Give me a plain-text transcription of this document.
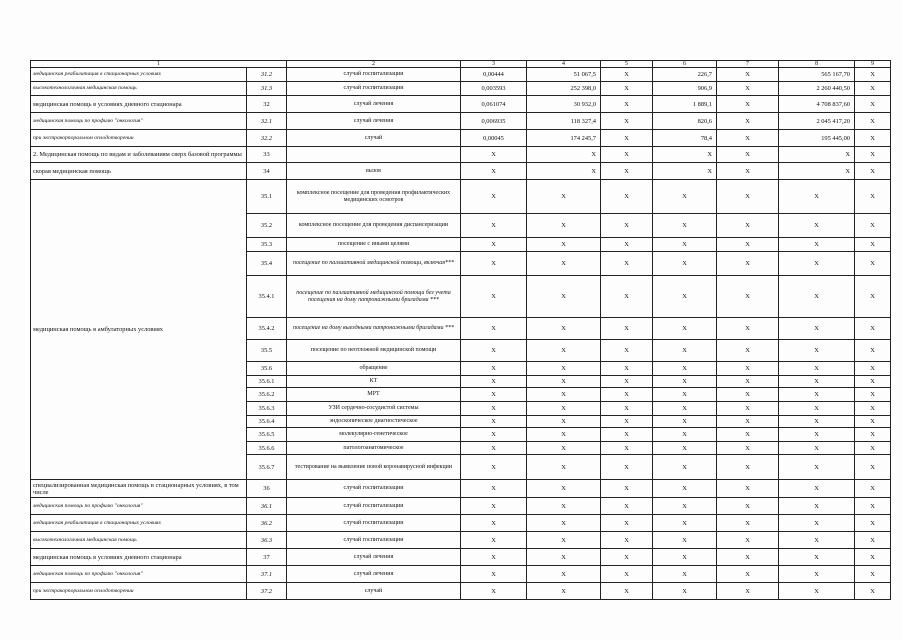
1		2	3	4	5	6	7	8	9
медицинская реабилитация в стационарных условиях	31.2	случай госпитализации	0,00444	51 067,5	X	226,7	X	565 167,70	X
высокотехнологичная медицинская помощь	31.3	случай госпитализации	0,003593	252 398,0	X	906,9	X	2 260 440,50	X
медицинская помощь в условиях дневного стационара	32	случай лечения	0,061074	30 932,0	X	1 889,1	X	4 708 837,60	X
медицинская помощь по профилю "онкология"	32.1	случай лечения	0,006935	118 327,4	X	820,6	X	2 045 417,20	X
при экстракорпоральном оплодотворении	32.2	случай	0,00045	174 245,7	X	78,4	X	195 445,00	X
2. Медицинская помощь по видам и заболеваниям сверх базовой программы	33		X	X	X	X	X	X	X
скорая медицинская помощь	34	вызов	X	X	X	X	X	X	X
медицинская помощь в амбулаторных условиях	35.1	комплексное посещение для проведения профилактических медицинских осмотров	X	X	X	X	X	X	X
	35.2	комплексное посещение для проведения диспансеризации	X	X	X	X	X	X	X
	35.3	посещение с иными целями	X	X	X	X	X	X	X
	35.4	посещение по паллиативной медицинской помощи, включая***	X	X	X	X	X	X	X
	35.4.1	посещение по паллиативной медицинской помощи без учета посещения на дому патронажными бригадами ***	X	X	X	X	X	X	X
	35.4.2	посещение на дому выездными патронажными бригадами ***	X	X	X	X	X	X	X
	35.5	посещение по неотложной медицинской помощи	X	X	X	X	X	X	X
	35.6	обращение	X	X	X	X	X	X	X
	35.6.1	КТ	X	X	X	X	X	X	X
	35.6.2	МРТ	X	X	X	X	X	X	X
	35.6.3	УЗИ сердечно-сосудистой системы	X	X	X	X	X	X	X
	35.6.4	эндоскопическое диагностическое	X	X	X	X	X	X	X
	35.6.5	молекулярно-генетическое	X	X	X	X	X	X	X
	35.6.6	патологоанатомическое	X	X	X	X	X	X	X
	35.6.7	тестирование на выявление новой коронавирусной инфекции	X	X	X	X	X	X	X
специализированная медицинская помощь в стационарных условиях, в том числе	36	случай госпитализации	X	X	X	X	X	X	X
медицинская помощь по профилю "онкология"	36.1	случай госпитализации	X	X	X	X	X	X	X
медицинская реабилитация в стационарных условиях	36.2	случай госпитализации	X	X	X	X	X	X	X
высокотехнологичная медицинская помощь	36.3	случай госпитализации	X	X	X	X	X	X	X
медицинская помощь в условиях дневного стационара	37	случай лечения	X	X	X	X	X	X	X
медицинская помощь по профилю "онкология"	37.1	случай лечения	X	X	X	X	X	X	X
при экстракорпоральном оплодотворении	37.2	случай	X	X	X	X	X	X	X
